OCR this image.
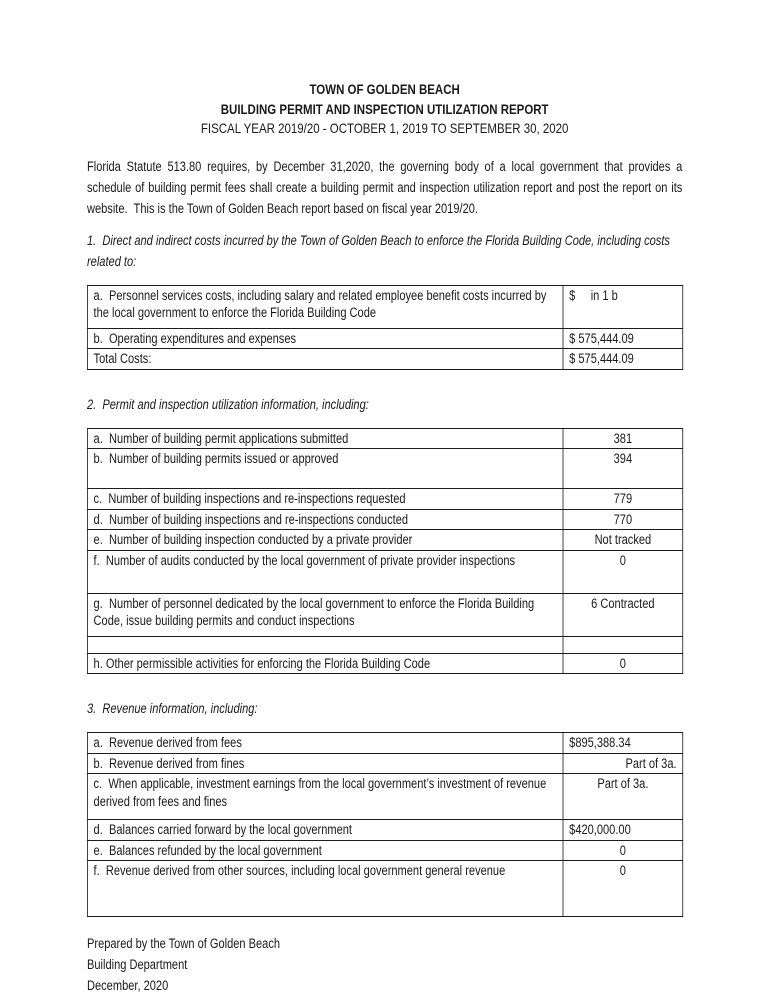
TOWN OF GOLDEN BEACH
BUILDING PERMIT AND INSPECTION UTILIZATION REPORT
FISCAL YEAR 2019/20 - OCTOBER 1, 2019 TO SEPTEMBER 30, 2020

Florida Statute 513.80 requires, by December 31,2020, the governing body of a local government that provides a schedule of building permit fees shall create a building permit and inspection utilization report and post the report on its website.  This is the Town of Golden Beach report based on fiscal year 2019/20.

1.  Direct and indirect costs incurred by the Town of Golden Beach to enforce the Florida Building Code, including costs related to:

a.  Personnel services costs, including salary and related employee benefit costs incurred by the local government to enforce the Florida Building Code	$     in 1 b
b.  Operating expenditures and expenses	$ 575,444.09
Total Costs:	$ 575,444.09

2.  Permit and inspection utilization information, including:

a.  Number of building permit applications submitted	381
b.  Number of building permits issued or approved	394
c.  Number of building inspections and re-inspections requested	779
d.  Number of building inspections and re-inspections conducted	770
e.  Number of building inspection conducted by a private provider	Not tracked
f.  Number of audits conducted by the local government of private provider inspections	0
g.  Number of personnel dedicated by the local government to enforce the Florida Building Code, issue building permits and conduct inspections	6 Contracted

h. Other permissible activities for enforcing the Florida Building Code	0

3.  Revenue information, including:

a.  Revenue derived from fees	$895,388.34
b.  Revenue derived from fines	Part of 3a.
c.  When applicable, investment earnings from the local government’s investment of revenue derived from fees and fines	Part of 3a.
d.  Balances carried forward by the local government	$420,000.00
e.  Balances refunded by the local government	0
f.  Revenue derived from other sources, including local government general revenue	0
Prepared by the Town of Golden Beach
Building Department
December, 2020
